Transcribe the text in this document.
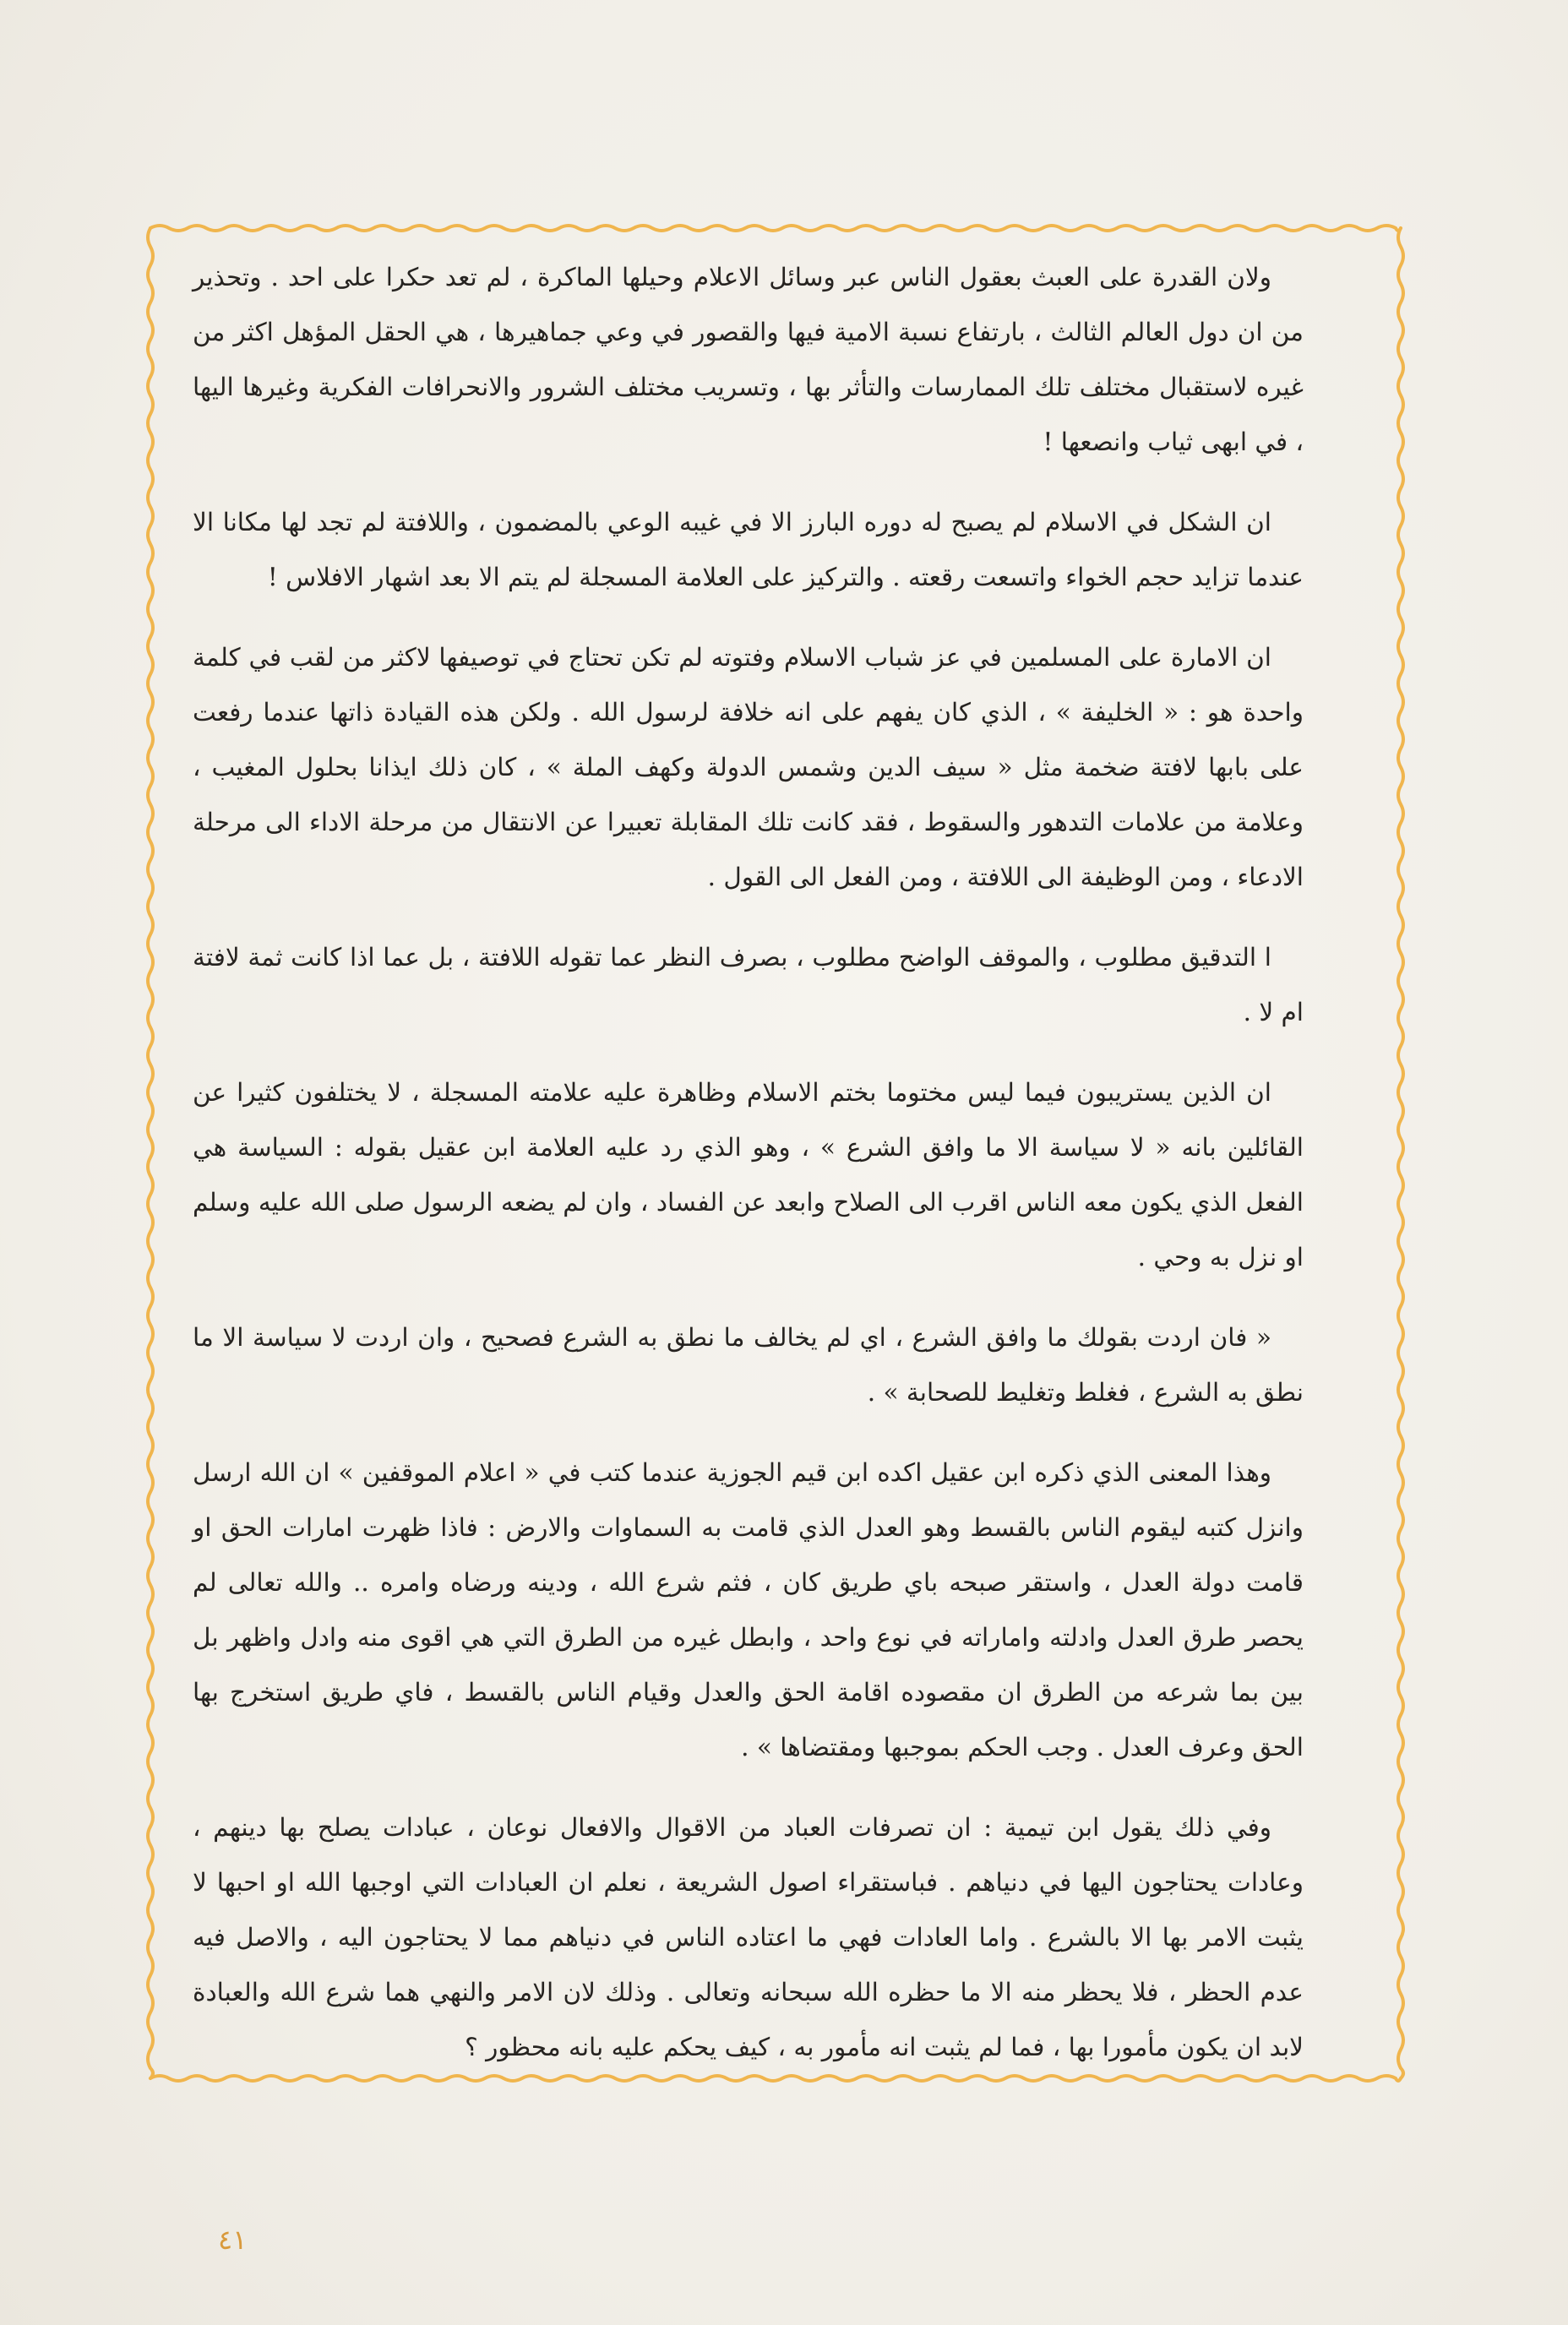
ولان القدرة على العبث بعقول الناس عبر وسائل الاعلام وحيلها الماكرة ، لم تعد حكرا على احد . وتحذير من ان دول العالم الثالث ، بارتفاع نسبة الامية فيها والقصور في وعي جماهيرها ، هي الحقل المؤهل اكثر من غيره لاستقبال مختلف تلك الممارسات والتأثر بها ، وتسريب مختلف الشرور والانحرافات الفكرية وغيرها اليها ، في ابهى ثياب وانصعها !

ان الشكل في الاسلام لم يصبح له دوره البارز الا في غيبه الوعي بالمضمون ، واللافتة لم تجد لها مكانا الا عندما تزايد حجم الخواء واتسعت رقعته . والتركيز على العلامة المسجلة لم يتم الا بعد اشهار الافلاس !

ان الامارة على المسلمين في عز شباب الاسلام وفتوته لم تكن تحتاج في توصيفها لاكثر من لقب في كلمة واحدة هو : « الخليفة » ، الذي كان يفهم على انه خلافة لرسول الله . ولكن هذه القيادة ذاتها عندما رفعت على بابها لافتة ضخمة مثل « سيف الدين وشمس الدولة وكهف الملة » ، كان ذلك ايذانا بحلول المغيب ، وعلامة من علامات التدهور والسقوط ، فقد كانت تلك المقابلة تعبيرا عن الانتقال من مرحلة الاداء الى مرحلة الادعاء ، ومن الوظيفة الى اللافتة ، ومن الفعل الى القول .

ا التدقيق مطلوب ، والموقف الواضح مطلوب ، بصرف النظر عما تقوله اللافتة ، بل عما اذا كانت ثمة لافتة ام لا .

ان الذين يستريبون فيما ليس مختوما بختم الاسلام وظاهرة عليه علامته المسجلة ، لا يختلفون كثيرا عن القائلين بانه « لا سياسة الا ما وافق الشرع » ، وهو الذي رد عليه العلامة ابن عقيل بقوله : السياسة هي الفعل الذي يكون معه الناس اقرب الى الصلاح وابعد عن الفساد ، وان لم يضعه الرسول صلى الله عليه وسلم او نزل به وحي .

« فان اردت بقولك ما وافق الشرع ، اي لم يخالف ما نطق به الشرع فصحيح ، وان اردت لا سياسة الا ما نطق به الشرع ، فغلط وتغليط للصحابة » .

وهذا المعنى الذي ذكره ابن عقيل اكده ابن قيم الجوزية عندما كتب في « اعلام الموقفين » ان الله ارسل وانزل كتبه ليقوم الناس بالقسط وهو العدل الذي قامت به السماوات والارض : فاذا ظهرت امارات الحق او قامت دولة العدل ، واستقر صبحه باي طريق كان ، فثم شرع الله ، ودينه ورضاه وامره .. والله تعالى لم يحصر طرق العدل وادلته واماراته في نوع واحد ، وابطل غيره من الطرق التي هي اقوى منه وادل واظهر بل بين بما شرعه من الطرق ان مقصوده اقامة الحق والعدل وقيام الناس بالقسط ، فاي طريق استخرج بها الحق وعرف العدل . وجب الحكم بموجبها ومقتضاها » .

وفي ذلك يقول ابن تيمية : ان تصرفات العباد من الاقوال والافعال نوعان ، عبادات يصلح بها دينهم ، وعادات يحتاجون اليها في دنياهم . فباستقراء اصول الشريعة ، نعلم ان العبادات التي اوجبها الله او احبها لا يثبت الامر بها الا بالشرع . واما العادات فهي ما اعتاده الناس في دنياهم مما لا يحتاجون اليه ، والاصل فيه عدم الحظر ، فلا يحظر منه الا ما حظره الله سبحانه وتعالى . وذلك لان الامر والنهي هما شرع الله والعبادة لابد ان يكون مأمورا بها ، فما لم يثبت انه مأمور به ، كيف يحكم عليه بانه محظور ؟

٤١
